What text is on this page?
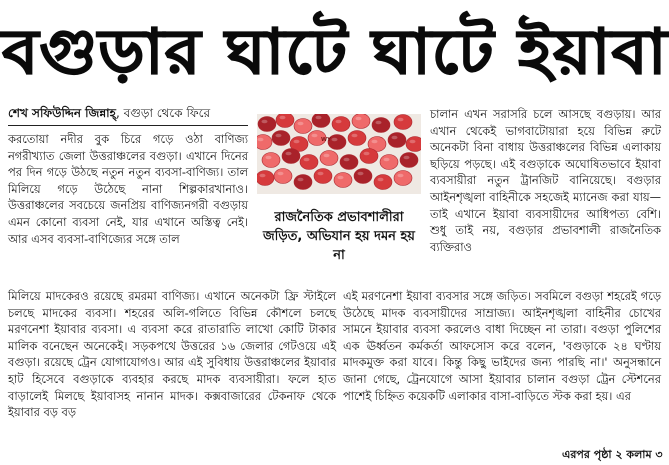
বগুড়ার ঘাটে ঘাটে ইয়াবা
শেখ সফিউদ্দিন জিন্নাহ্, বগুড়া থেকে ফিরে

করতোয়া নদীর বুক চিরে গড়ে ওঠা বাণিজ্য নগরীখ্যাত জেলা উত্তরাঞ্চলের বগুড়া। এখানে দিনের পর দিন গড়ে উঠছে নতুন নতুন ব্যবসা-বাণিজ্য। তাল মিলিয়ে গড়ে উঠেছে নানা শিল্পকারখানাও। উত্তরাঞ্চলের সবচেয়ে জনপ্রিয় বাণিজ্যনগরী বগুড়ায় এমন কোনো ব্যবসা নেই, যার এখানে অস্তিত্ব নেই। আর এসব ব্যবসা-বাণিজ্যের সঙ্গে তাল

WY
রাজনৈতিক প্রভাবশালীরা জড়িত, অভিযান হয় দমন হয় না

চালান এখন সরাসরি চলে আসছে বগুড়ায়। আর এখান থেকেই ভাগবাটোয়ারা হয়ে বিভিন্ন রুটে অনেকটা বিনা বাধায় উত্তরাঞ্চলের বিভিন্ন এলাকায় ছড়িয়ে পড়ছে। এই বগুড়াকে অঘোষিতভাবে ইয়াবা ব্যবসায়ীরা নতুন ট্রানজিট বানিয়েছে। বগুড়ার আইনশৃঙ্খলা বাহিনীকে সহজেই ম্যানেজ করা যায়— তাই এখানে ইয়াবা ব্যবসায়ীদের আধিপত্য বেশি। শুধু তাই নয়, বগুড়ার প্রভাবশালী রাজনৈতিক ব্যক্তিরাও

মিলিয়ে মাদকেরও রয়েছে রমরমা বাণিজ্য। এখানে অনেকটা ফ্রি স্টাইলে চলছে মাদকের ব্যবসা। শহরের অলি-গলিতে বিভিন্ন কৌশলে চলছে মরণনেশা ইয়াবার ব্যবসা। এ ব্যবসা করে রাতারাতি লাখো কোটি টাকার মালিক বনেছেন অনেকেই। সড়কপথে উত্তরের ১৬ জেলার গেটওয়ে এই বগুড়া। রয়েছে ট্রেন যোগাযোগও। আর এই সুবিধায় উত্তরাঞ্চলের ইয়াবার হাট হিসেবে বগুড়াকে ব্যবহার করছে মাদক ব্যবসায়ীরা। ফলে হাত বাড়ালেই মিলছে ইয়াবাসহ নানান মাদক। কক্সবাজারের টেকনাফ থেকে ইয়াবার বড় বড়

এই মরণনেশা ইয়াবা ব্যবসার সঙ্গে জড়িত। সবমিলে বগুড়া শহরেই গড়ে উঠেছে মাদক ব্যবসায়ীদের সাম্রাজ্য। আইনশৃঙ্খলা বাহিনীর চোখের সামনে ইয়াবার ব্যবসা করলেও বাধা দিচ্ছেন না তারা। বগুড়া পুলিশের এক ঊর্ধ্বতন কর্মকর্তা আফসোস করে বলেন, 'বগুড়াকে ২৪ ঘণ্টায় মাদকমুক্ত করা যাবে। কিন্তু কিছু ভাইদের জন্য পারছি না।' অনুসন্ধানে জানা গেছে, ট্রেনযোগে আসা ইয়াবার চালান বগুড়া ট্রেন স্টেশনের পাশেই চিহ্নিত কয়েকটি এলাকার বাসা-বাড়িতে স্টক করা হয়। এর

এরপর পৃষ্ঠা ২ কলাম ৩
